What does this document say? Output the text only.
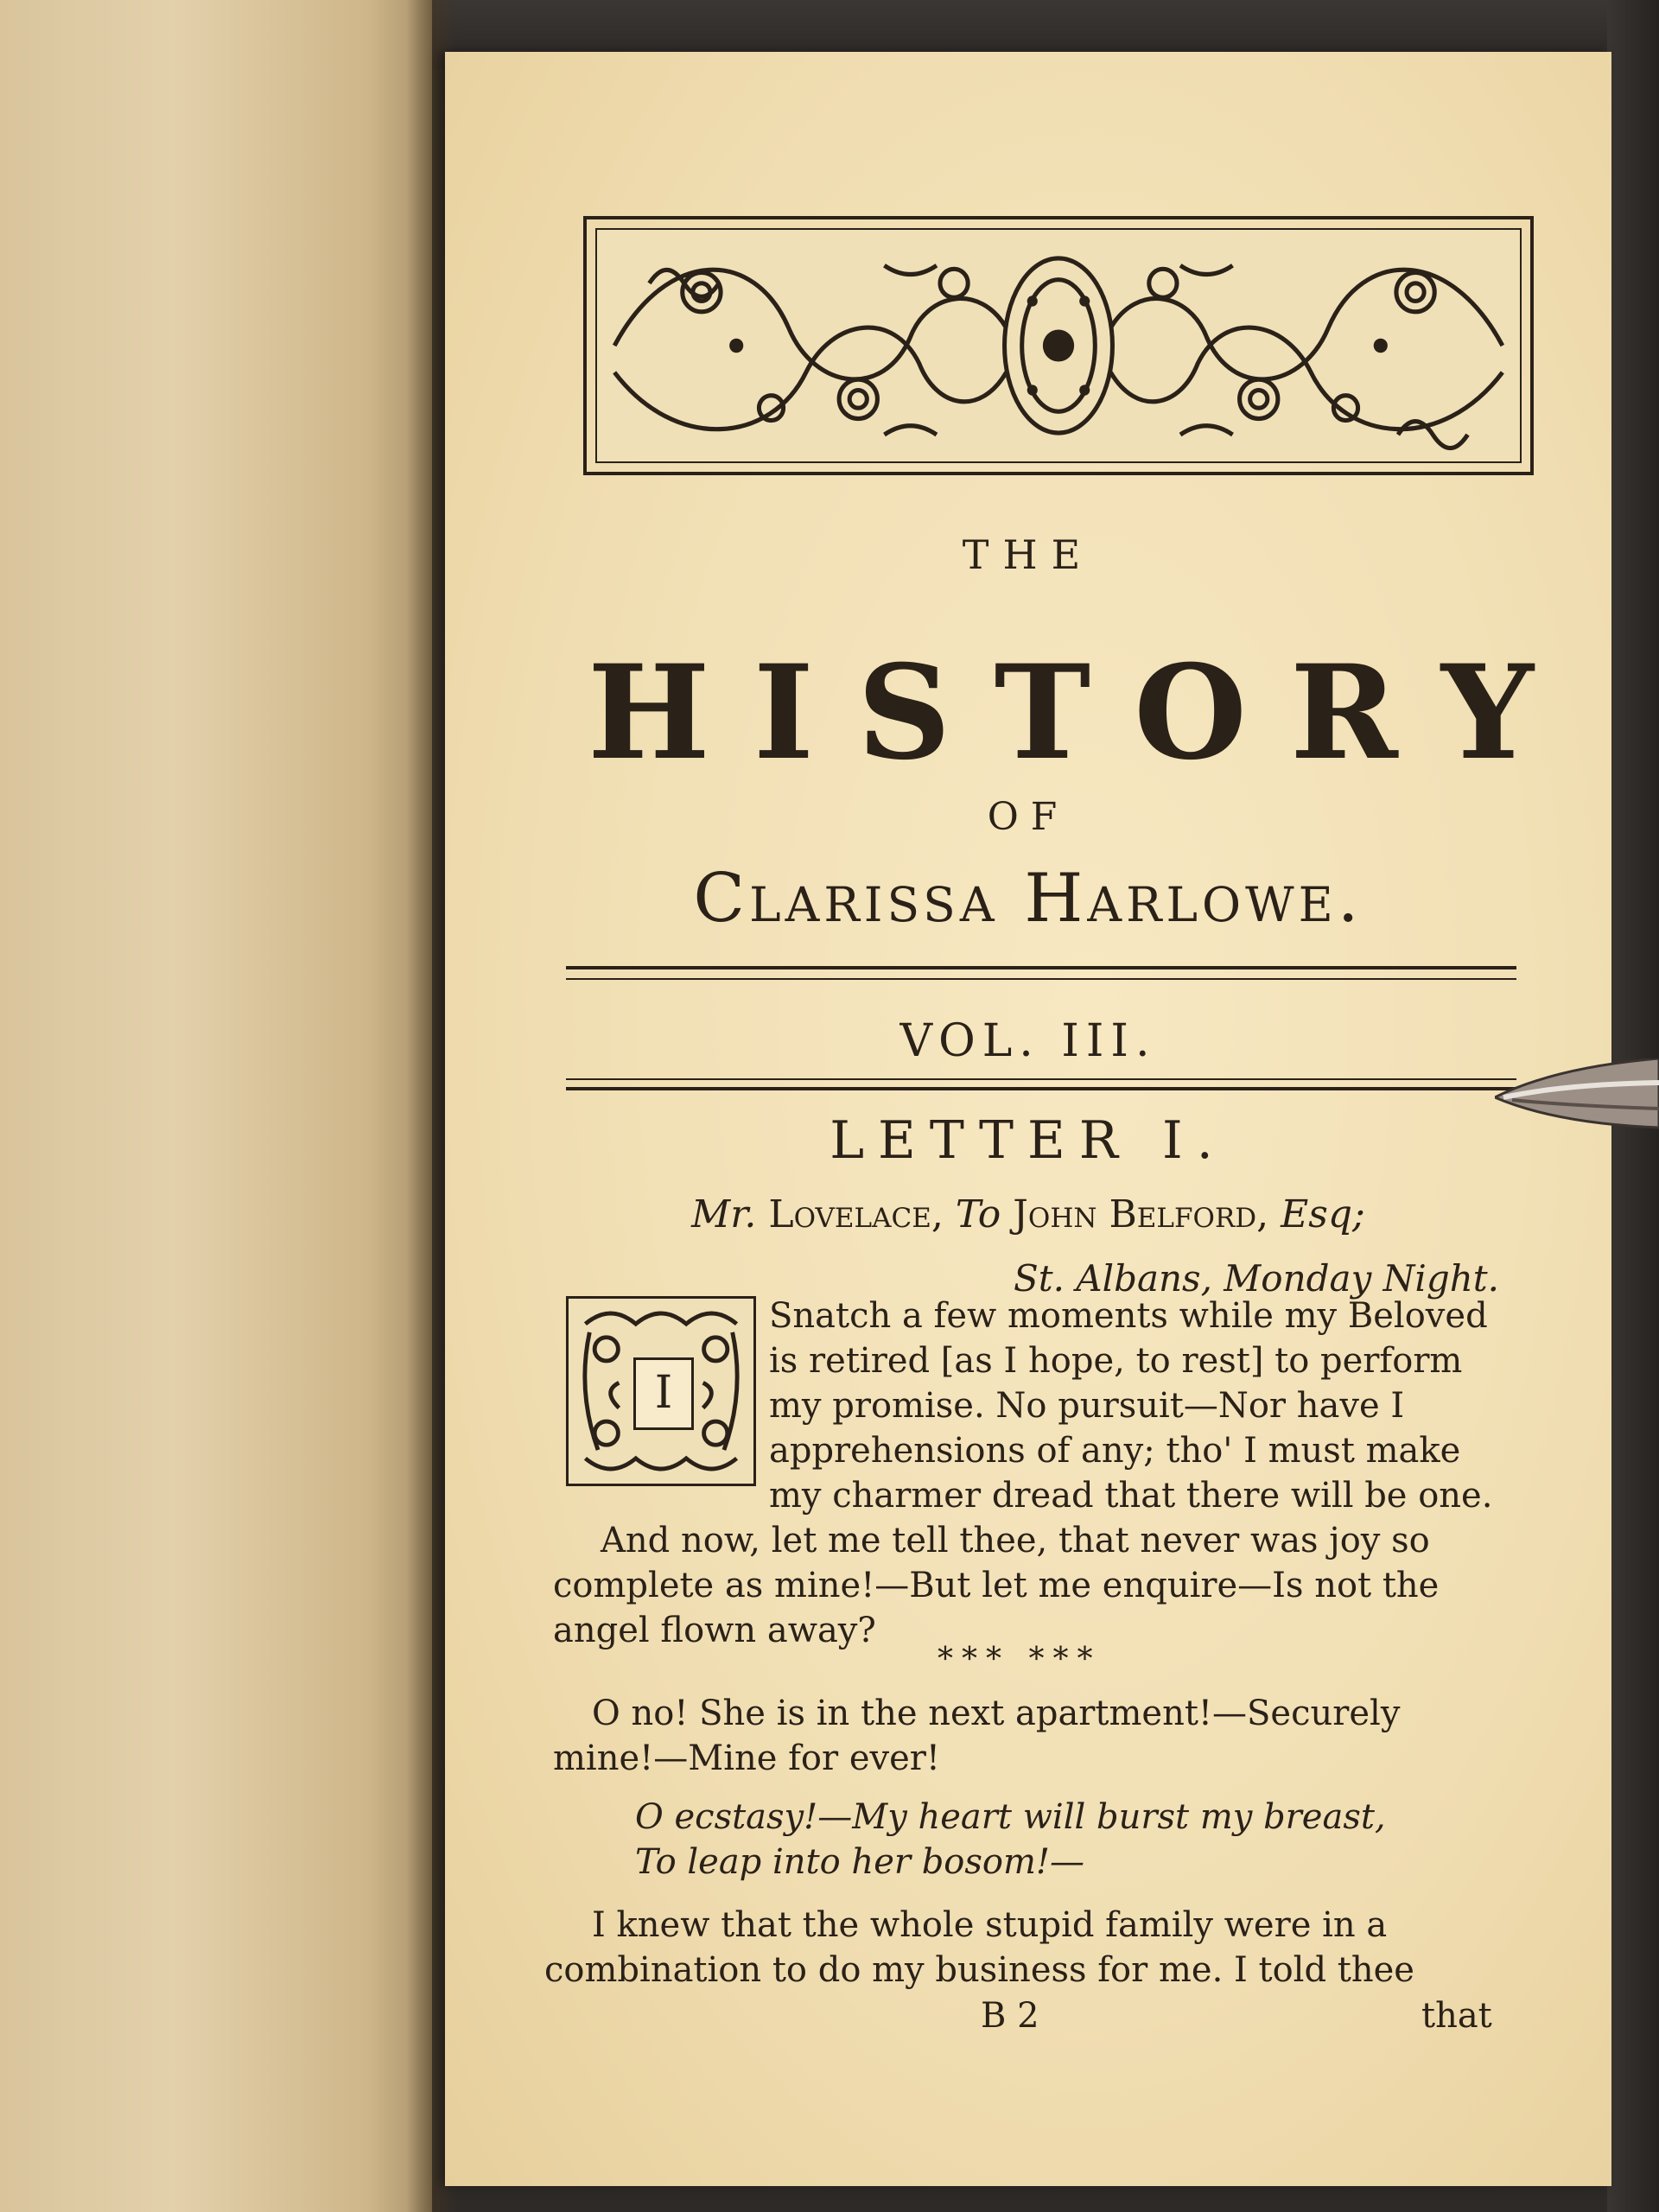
THE
H I S T O R Y
OF
Clarissa Harlowe.
VOL. III.
LETTER I.
Mr. Lovelace, To John Belford, Esq;
St. Albans, Monday Night.
I
Snatch a few moments while my Beloved
is retired [as I hope, to rest] to perform
my promise. No pursuit—Nor have I
apprehensions of any; tho' I must make
my charmer dread that there will be one.
And now, let me tell thee, that never was joy so
complete as mine!—But let me enquire—Is not the
angel flown away?
*** ***
O no! She is in the next apartment!—Securely
mine!—Mine for ever!
O ecstasy!—My heart will burst my breast,
To leap into her bosom!—
I knew that the whole stupid family were in a
combination to do my business for me. I told thee
B 2	that
